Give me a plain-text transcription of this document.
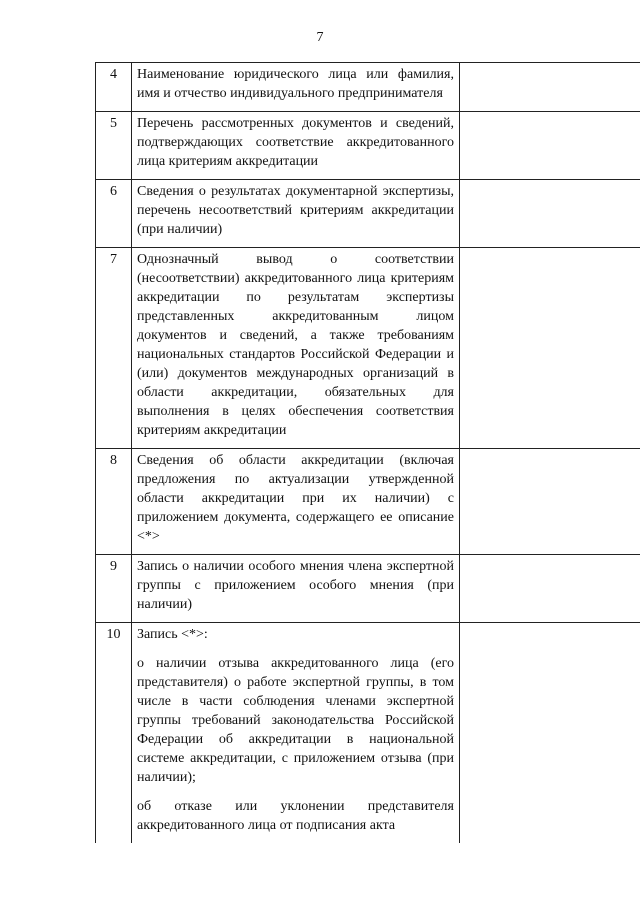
7
4	Наименование юридического лица или фамилия, имя и отчество индивидуального предпринимателя	

5	Перечень рассмотренных документов и сведений, подтверждающих соответствие аккредитованного лица критериям аккредитации	

6	Сведения о результатах документарной экспертизы, перечень несоответствий критериям аккредитации (при наличии)	

7	Однозначный вывод о соответствии (несоответствии) аккредитованного лица критериям аккредитации по результатам экспертизы представленных аккредитованным лицом документов и сведений, а также требованиям национальных стандартов Российской Федерации и (или) документов международных организаций в области аккредитации, обязательных для выполнения в целях обеспечения соответствия критериям аккредитации	

8	Сведения об области аккредитации (включая предложения по актуализации утвержденной области аккредитации при их наличии) с приложением документа, содержащего ее описание <*>	

9	Запись о наличии особого мнения члена экспертной группы с приложением особого мнения (при наличии)	

10	Запись <*>:

о наличии отзыва аккредитованного лица (его представителя) о работе экспертной группы, в том числе в части соблюдения членами экспертной группы требований законодательства Российской Федерации об аккредитации в национальной системе аккредитации, с приложением отзыва (при наличии);

об отказе или уклонении представителя аккредитованного лица от подписания акта	
